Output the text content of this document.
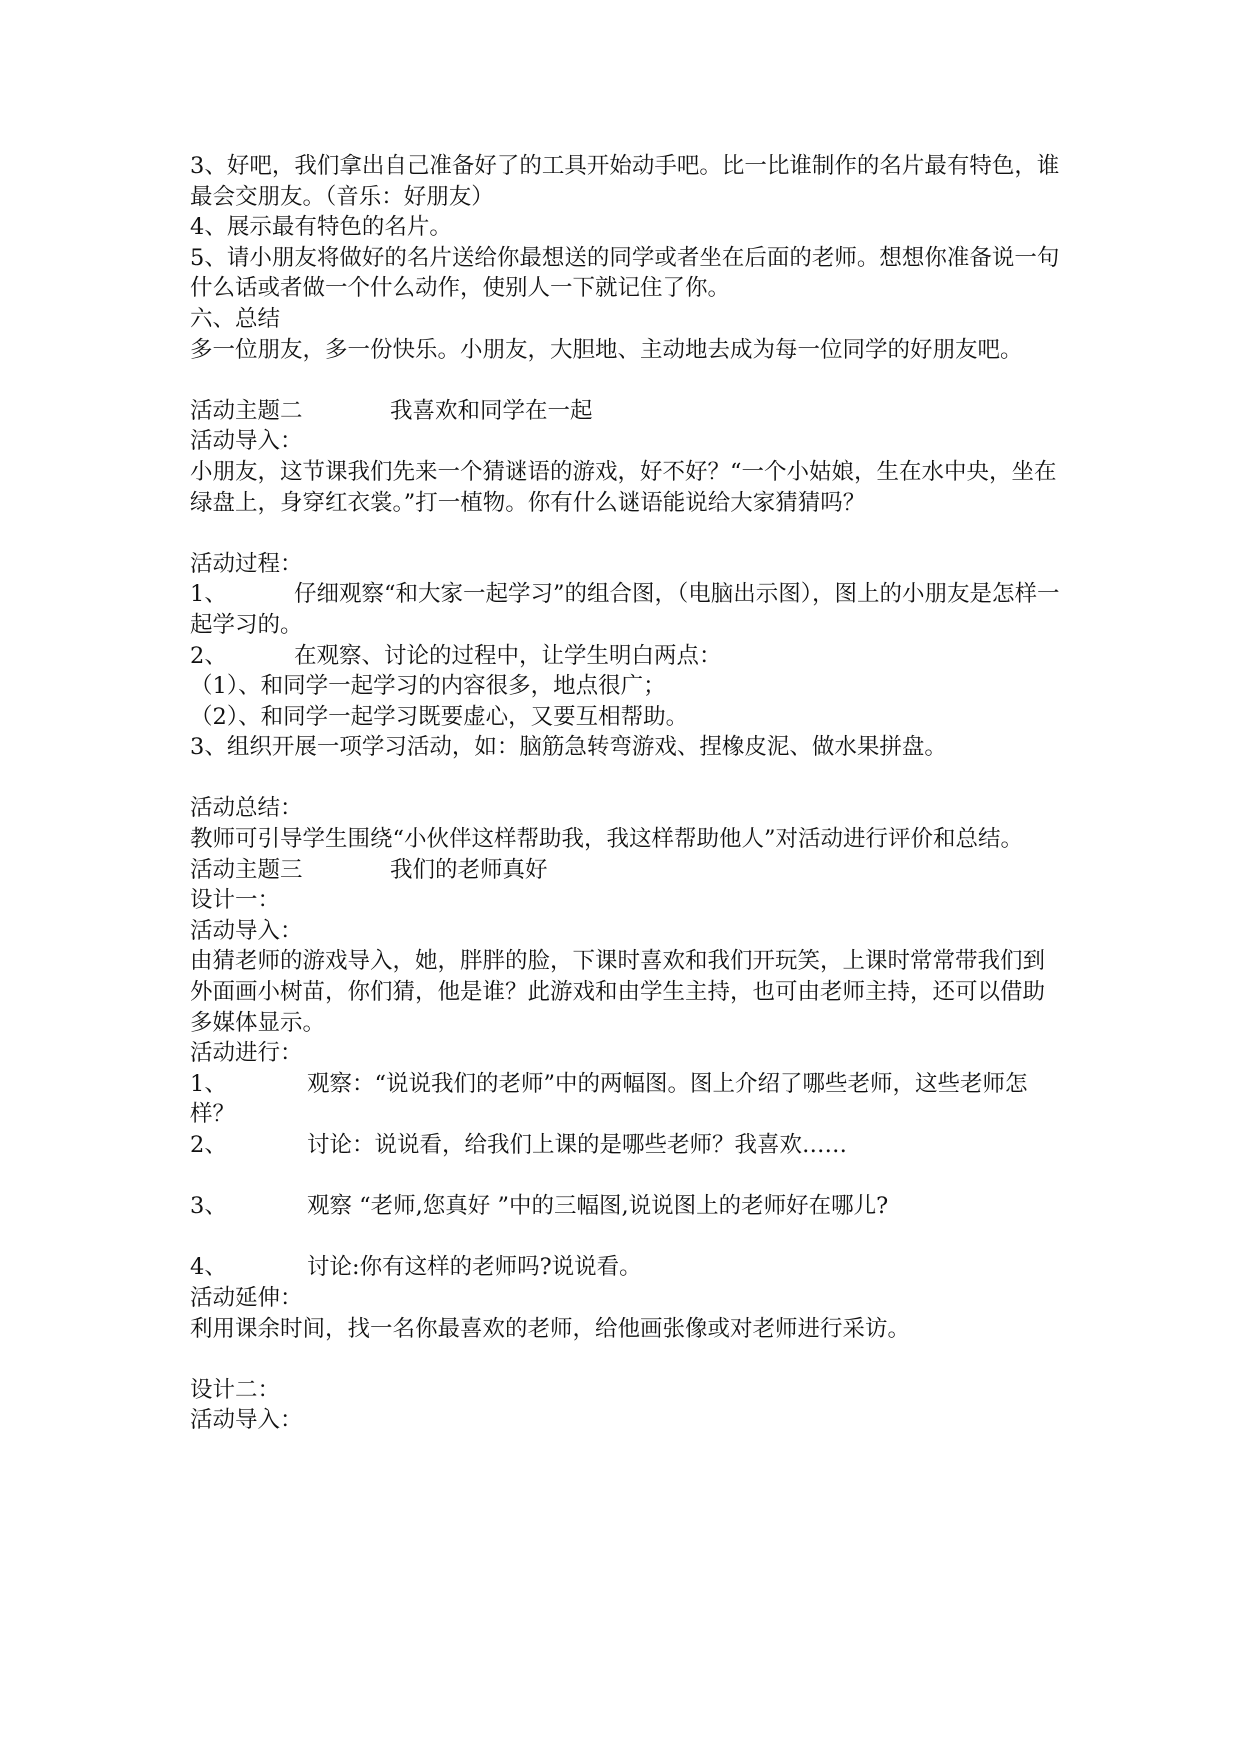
3、好吧，我们拿出自己准备好了的工具开始动手吧。比一比谁制作的名片最有特色，谁最会交朋友。（音乐：好朋友）

4、展示最有特色的名片。

5、请小朋友将做好的名片送给你最想送的同学或者坐在后面的老师。想想你准备说一句什么话或者做一个什么动作，使别人一下就记住了你。

六、总结

多一位朋友，多一份快乐。小朋友，大胆地、主动地去成为每一位同学的好朋友吧。

活动主题二	我喜欢和同学在一起

活动导入：

小朋友，这节课我们先来一个猜谜语的游戏，好不好？“一个小姑娘，生在水中央，坐在绿盘上，身穿红衣裳。”打一植物。你有什么谜语能说给大家猜猜吗？

活动过程：

1、	仔细观察“和大家一起学习”的组合图，（电脑出示图），图上的小朋友是怎样一起学习的。

2、	在观察、讨论的过程中，让学生明白两点：

（1）、和同学一起学习的内容很多，地点很广；

（2）、和同学一起学习既要虚心，又要互相帮助。

3、组织开展一项学习活动，如：脑筋急转弯游戏、捏橡皮泥、做水果拼盘。

活动总结：

教师可引导学生围绕“小伙伴这样帮助我，我这样帮助他人”对活动进行评价和总结。

活动主题三	我们的老师真好

设计一：

活动导入：

由猜老师的游戏导入，她，胖胖的脸，下课时喜欢和我们开玩笑，上课时常常带我们到外面画小树苗，你们猜，他是谁？此游戏和由学生主持，也可由老师主持，还可以借助多媒体显示。

活动进行：

1、	观察：“说说我们的老师”中的两幅图。图上介绍了哪些老师，这些老师怎样？

2、	讨论：说说看，给我们上课的是哪些老师？我喜欢……

3、	观察 “老师,您真好 ”中的三幅图,说说图上的老师好在哪儿?

4、	讨论:你有这样的老师吗?说说看。

活动延伸：

利用课余时间，找一名你最喜欢的老师，给他画张像或对老师进行采访。

设计二：

活动导入：
